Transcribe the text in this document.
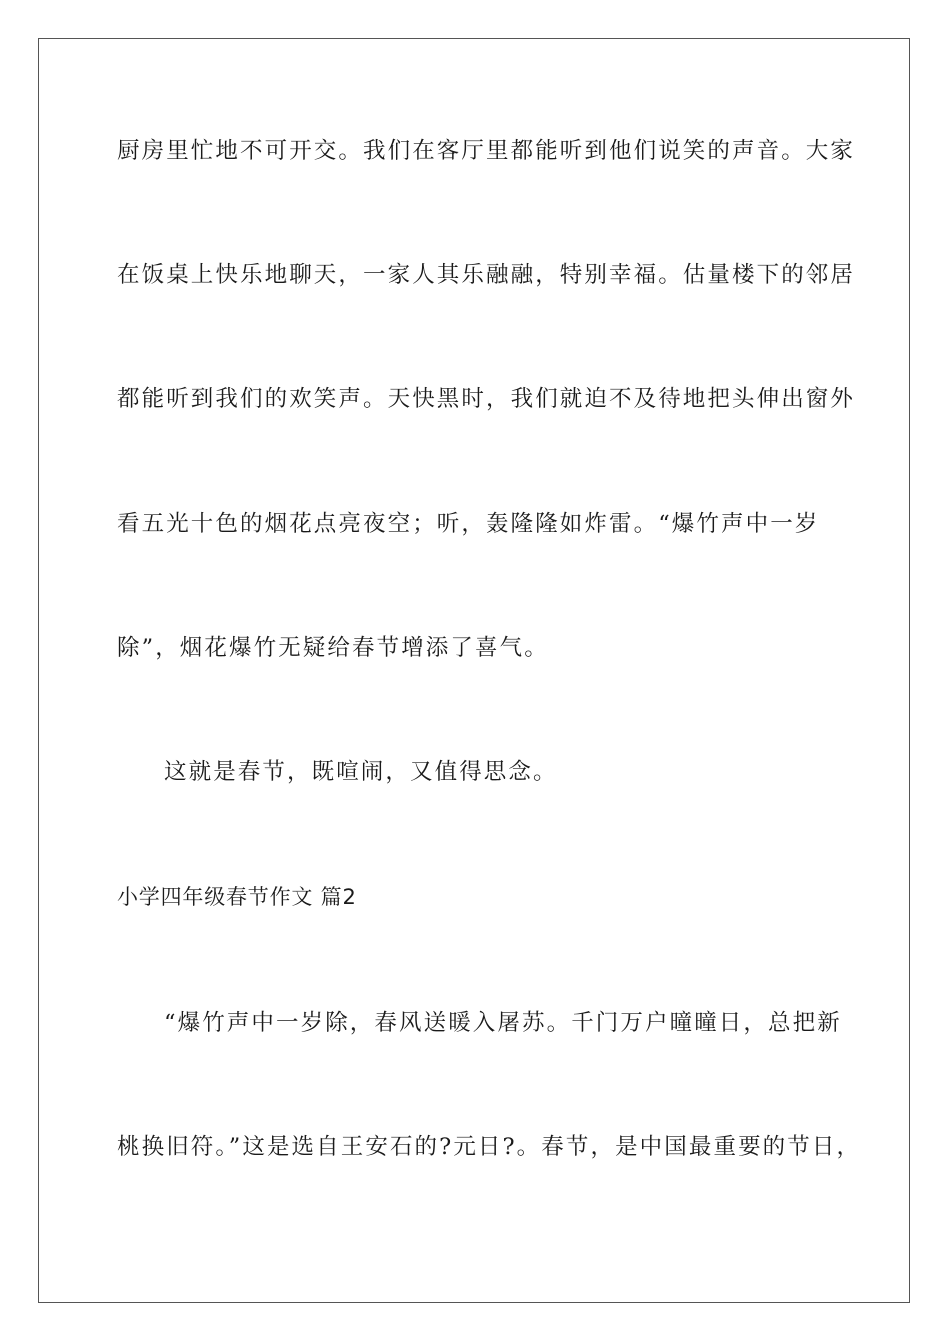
厨房里忙地不可开交。我们在客厅里都能听到他们说笑的声音。大家
在饭桌上快乐地聊天，一家人其乐融融，特别幸福。估量楼下的邻居
都能听到我们的欢笑声。天快黑时，我们就迫不及待地把头伸出窗外
看五光十色的烟花点亮夜空；听，轰隆隆如炸雷。“爆竹声中一岁
除”，烟花爆竹无疑给春节增添了喜气。
这就是春节，既喧闹，又值得思念。
小学四年级春节作文 篇2
“爆竹声中一岁除，春风送暖入屠苏。千门万户曈曈日，总把新
桃换旧符。”这是选自王安石的?元日?。春节，是中国最重要的节日，
